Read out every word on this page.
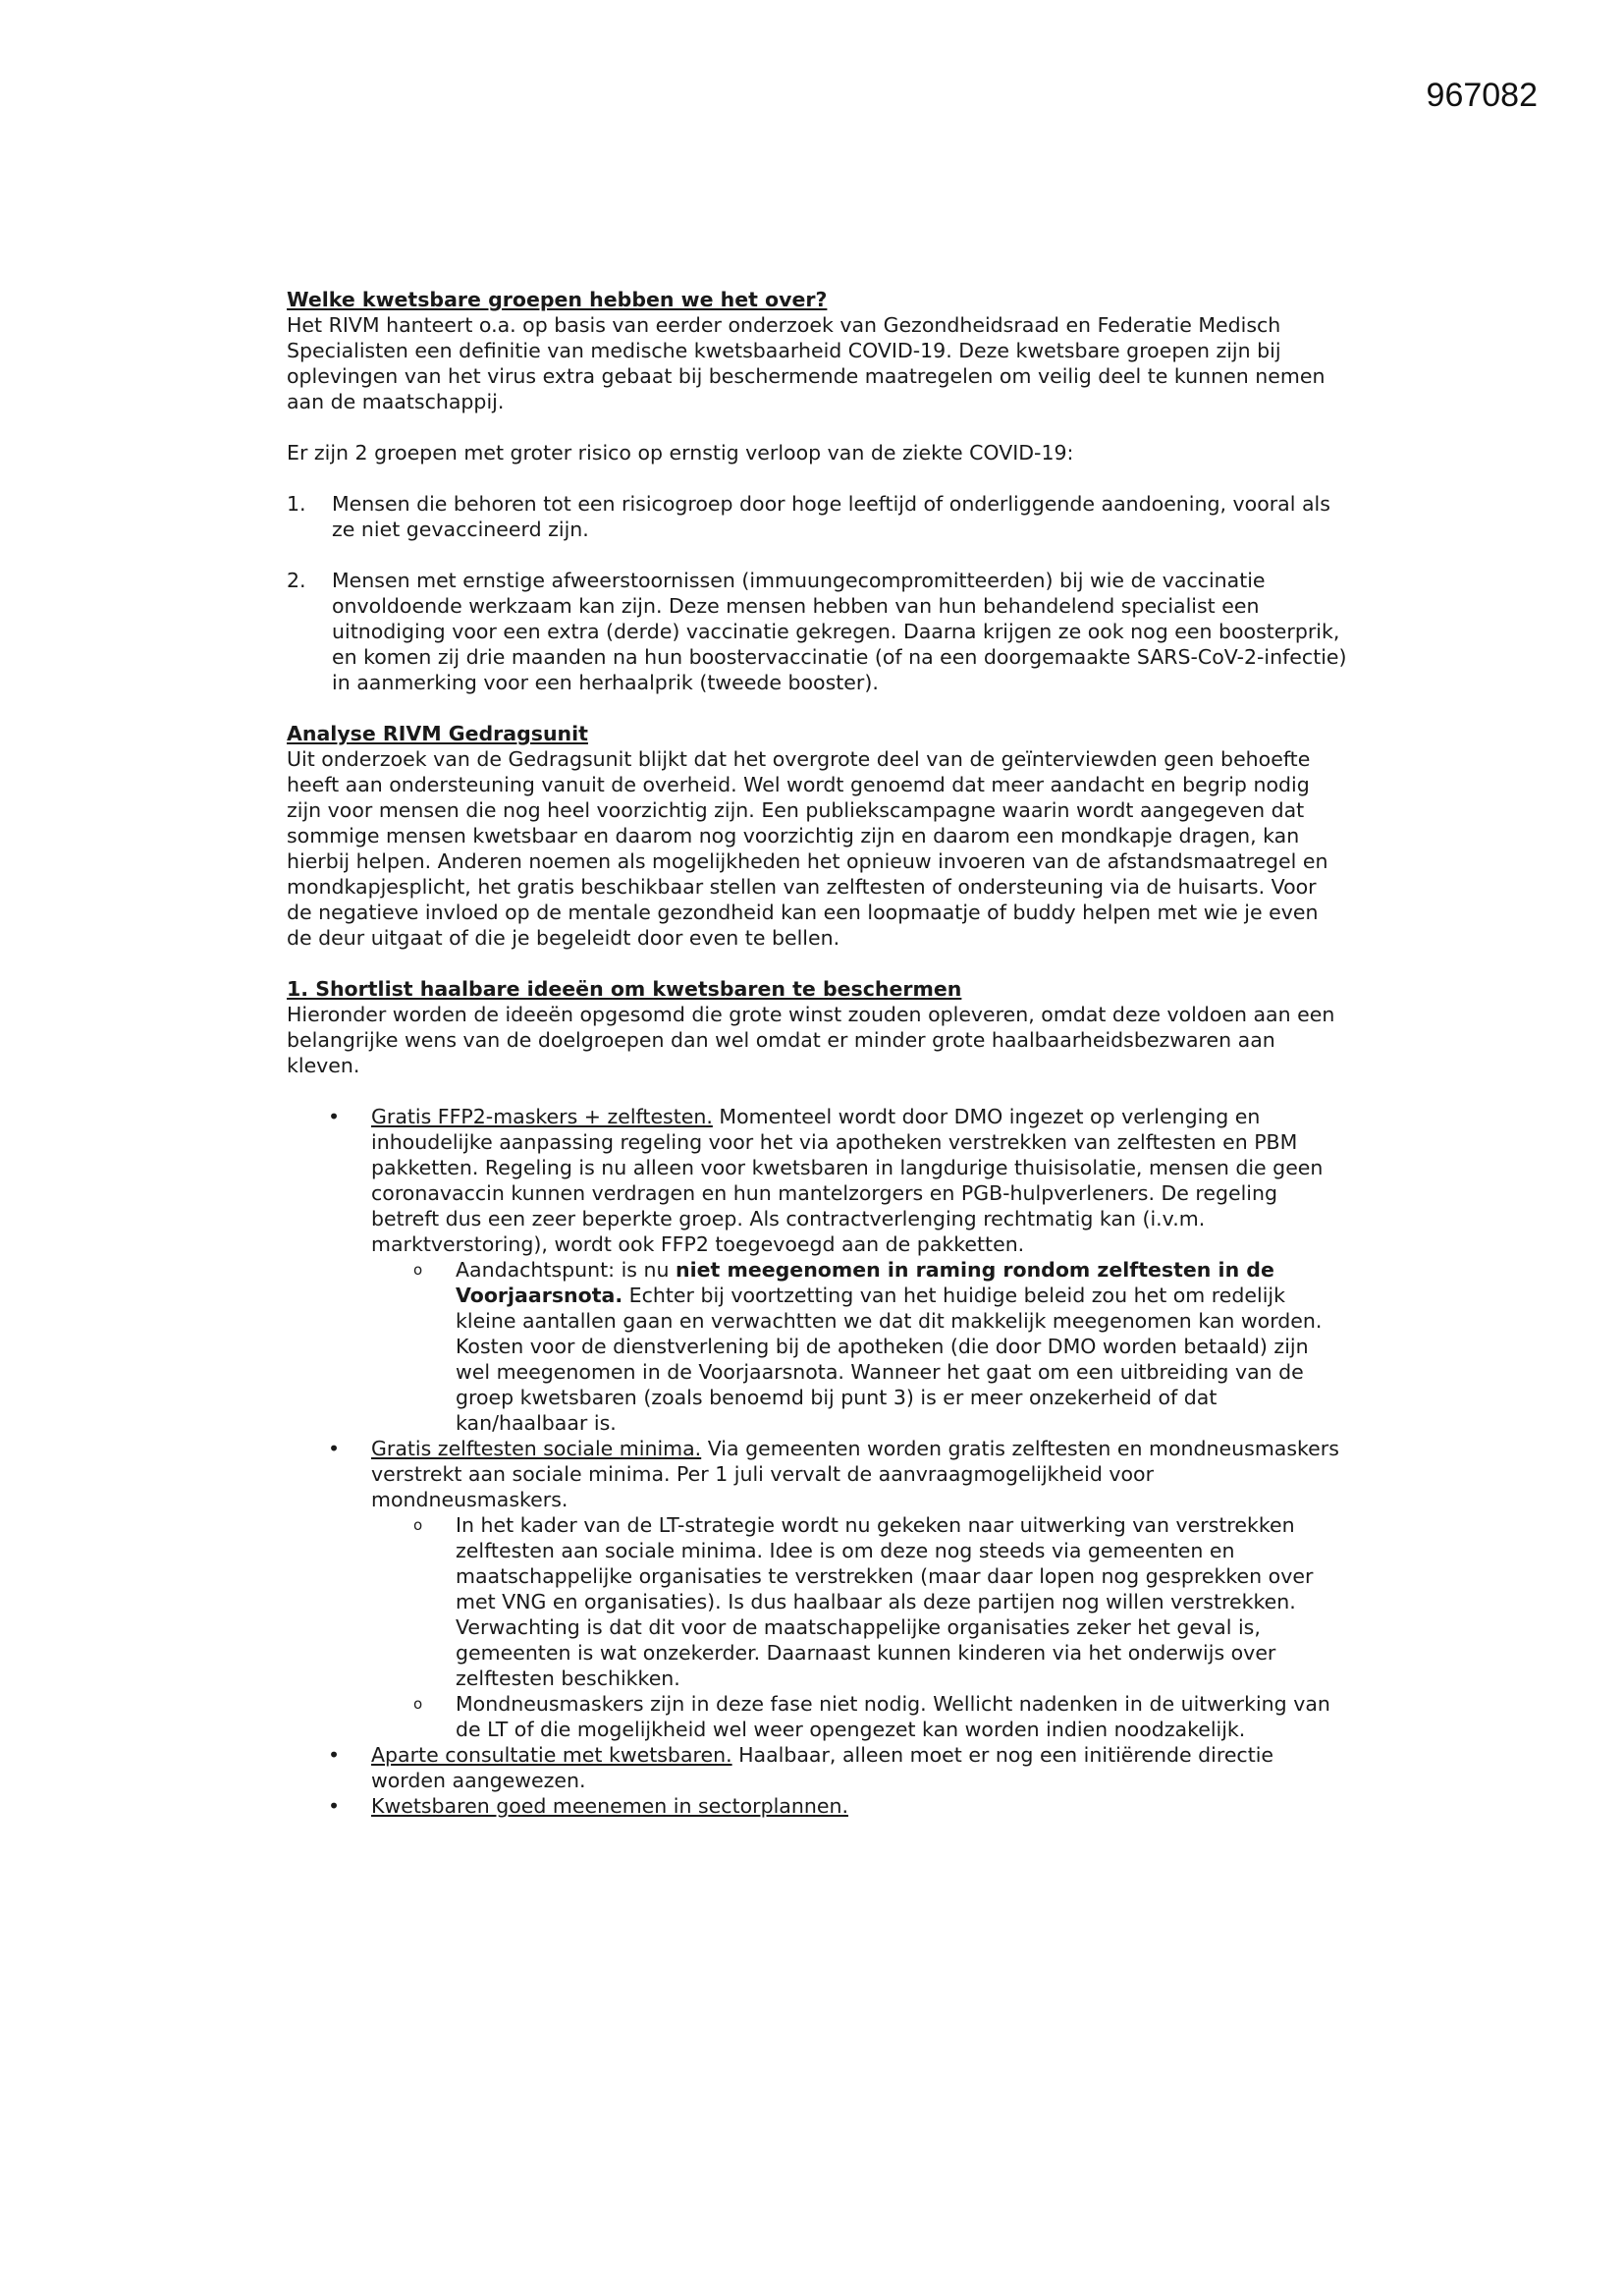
967082
Welke kwetsbare groepen hebben we het over?

Het RIVM hanteert o.a. op basis van eerder onderzoek van Gezondheidsraad en Federatie Medisch Specialisten een definitie van medische kwetsbaarheid COVID-19. Deze kwetsbare groepen zijn bij oplevingen van het virus extra gebaat bij beschermende maatregelen om veilig deel te kunnen nemen aan de maatschappij.

Er zijn 2 groepen met groter risico op ernstig verloop van de ziekte COVID-19:

1. Mensen die behoren tot een risicogroep door hoge leeftijd of onderliggende aandoening, vooral als ze niet gevaccineerd zijn.
2. Mensen met ernstige afweerstoornissen (immuungecompromitteerden) bij wie de vaccinatie onvoldoende werkzaam kan zijn. Deze mensen hebben van hun behandelend specialist een uitnodiging voor een extra (derde) vaccinatie gekregen. Daarna krijgen ze ook nog een boosterprik, en komen zij drie maanden na hun boostervaccinatie (of na een doorgemaakte SARS-CoV-2-infectie) in aanmerking voor een herhaalprik (tweede booster).
Analyse RIVM Gedragsunit

Uit onderzoek van de Gedragsunit blijkt dat het overgrote deel van de geïnterviewden geen behoefte heeft aan ondersteuning vanuit de overheid. Wel wordt genoemd dat meer aandacht en begrip nodig zijn voor mensen die nog heel voorzichtig zijn. Een publiekscampagne waarin wordt aangegeven dat sommige mensen kwetsbaar en daarom nog voorzichtig zijn en daarom een mondkapje dragen, kan hierbij helpen. Anderen noemen als mogelijkheden het opnieuw invoeren van de afstandsmaatregel en mondkapjesplicht, het gratis beschikbaar stellen van zelftesten of ondersteuning via de huisarts. Voor de negatieve invloed op de mentale gezondheid kan een loopmaatje of buddy helpen met wie je even de deur uitgaat of die je begeleidt door even te bellen.

1. Shortlist haalbare ideeën om kwetsbaren te beschermen

Hieronder worden de ideeën opgesomd die grote winst zouden opleveren, omdat deze voldoen aan een belangrijke wens van de doelgroepen dan wel omdat er minder grote haalbaarheidsbezwaren aan kleven.

• Gratis FFP2-maskers + zelftesten. Momenteel wordt door DMO ingezet op verlenging en inhoudelijke aanpassing regeling voor het via apotheken verstrekken van zelftesten en PBM pakketten. Regeling is nu alleen voor kwetsbaren in langdurige thuisisolatie, mensen die geen coronavaccin kunnen verdragen en hun mantelzorgers en PGB-hulpverleners. De regeling betreft dus een zeer beperkte groep. Als contractverlenging rechtmatig kan (i.v.m. marktverstoring), wordt ook FFP2 toegevoegd aan de pakketten.
o Aandachtspunt: is nu niet meegenomen in raming rondom zelftesten in de Voorjaarsnota. Echter bij voortzetting van het huidige beleid zou het om redelijk kleine aantallen gaan en verwachtten we dat dit makkelijk meegenomen kan worden. Kosten voor de dienstverlening bij de apotheken (die door DMO worden betaald) zijn wel meegenomen in de Voorjaarsnota. Wanneer het gaat om een uitbreiding van de groep kwetsbaren (zoals benoemd bij punt 3) is er meer onzekerheid of dat kan/haalbaar is.
• Gratis zelftesten sociale minima. Via gemeenten worden gratis zelftesten en mondneusmaskers verstrekt aan sociale minima. Per 1 juli vervalt de aanvraagmogelijkheid voor mondneusmaskers.
o In het kader van de LT-strategie wordt nu gekeken naar uitwerking van verstrekken zelftesten aan sociale minima. Idee is om deze nog steeds via gemeenten en maatschappelijke organisaties te verstrekken (maar daar lopen nog gesprekken over met VNG en organisaties). Is dus haalbaar als deze partijen nog willen verstrekken. Verwachting is dat dit voor de maatschappelijke organisaties zeker het geval is, gemeenten is wat onzekerder. Daarnaast kunnen kinderen via het onderwijs over zelftesten beschikken.
o Mondneusmaskers zijn in deze fase niet nodig. Wellicht nadenken in de uitwerking van de LT of die mogelijkheid wel weer opengezet kan worden indien noodzakelijk.
• Aparte consultatie met kwetsbaren. Haalbaar, alleen moet er nog een initiërende directie worden aangewezen.
• Kwetsbaren goed meenemen in sectorplannen.
